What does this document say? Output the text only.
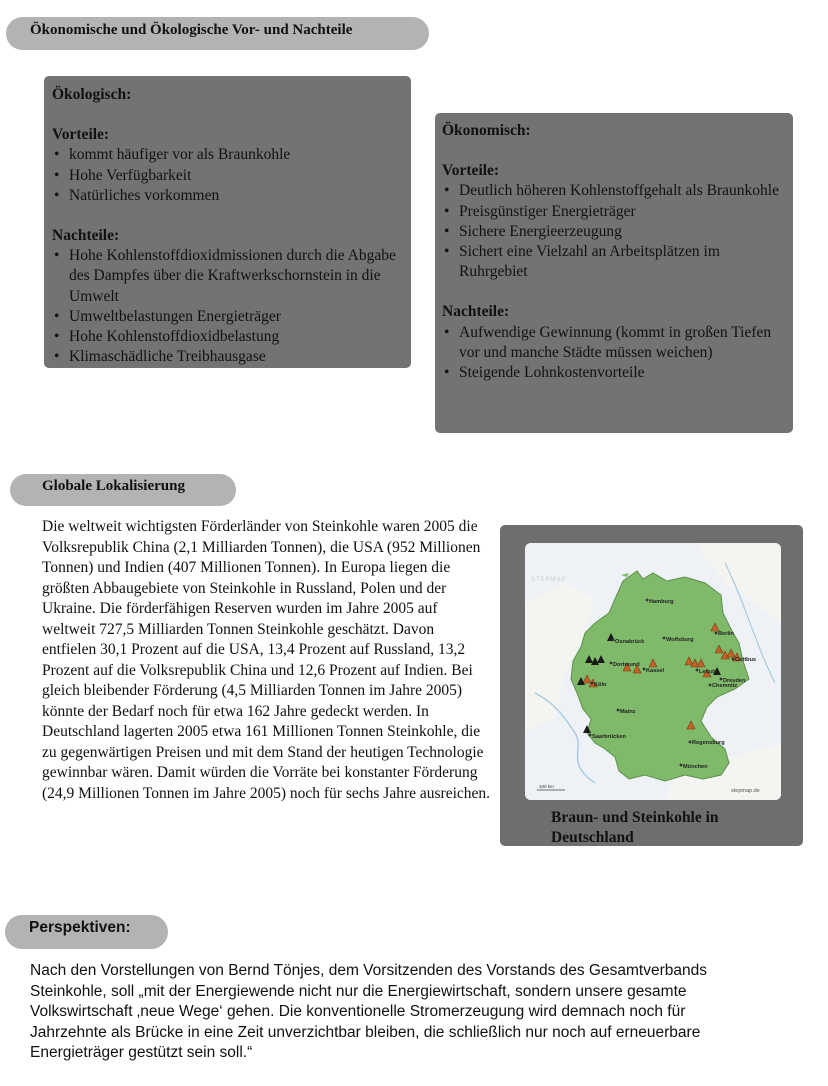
Ökonomische und Ökologische Vor- und Nachteile
Ökologisch:
Vorteile:
• kommt häufiger vor als Braunkohle
• Hohe Verfügbarkeit
• Natürliches vorkommen
Nachteile:
• Hohe Kohlenstoffdioxidmissionen durch die Abgabe des Dampfes über die Kraftwerkschornstein in die Umwelt
• Umweltbelastungen Energieträger
• Hohe Kohlenstoffdioxidbelastung
• Klimaschädliche Treibhausgase
Ökonomisch:
Vorteile:
• Deutlich höheren Kohlenstoffgehalt als Braunkohle
• Preisgünstiger Energieträger
• Sichere Energieerzeugung
• Sichert eine Vielzahl an Arbeitsplätzen im Ruhrgebiet
Nachteile:
• Aufwendige Gewinnung (kommt in großen Tiefen vor und manche Städte müssen weichen)
• Steigende Lohnkostenvorteile
Globale Lokalisierung
Die weltweit wichtigsten Förderländer von Steinkohle waren 2005 die Volksrepublik China (2,1 Milliarden Tonnen), die USA (952 Millionen Tonnen) und Indien (407 Millionen Tonnen). In Europa liegen die größten Abbaugebiete von Steinkohle in Russland, Polen und der Ukraine. Die förderfähigen Reserven wurden im Jahre 2005 auf weltweit 727,5 Milliarden Tonnen Steinkohle geschätzt. Davon entfielen 30,1 Prozent auf die USA, 13,4 Prozent auf Russland, 13,2 Prozent auf die Volksrepublik China und 12,6 Prozent auf Indien. Bei gleich bleibender Förderung (4,5 Milliarden Tonnen im Jahre 2005) könnte der Bedarf noch für etwa 162 Jahre gedeckt werden. In Deutschland lagerten 2005 etwa 161 Millionen Tonnen Steinkohle, die zu gegenwärtigen Preisen und mit dem Stand der heutigen Technologie gewinnbar wären. Damit würden die Vorräte bei konstanter Förderung (24,9 Millionen Tonnen im Jahre 2005) noch für sechs Jahre ausreichen.
Hamburg
Berlin
Osnabrück	Wolfsburg
Dortmund
Cottbus
Kassel	Leipzig
Dresden
Chemnitz
Köln
Mainz
Saarbrücken
Regensburg
München
STEPMAP
100 km
stepmap.de
Braun- und Steinkohle in Deutschland
Perspektiven:
Nach den Vorstellungen von Bernd Tönjes, dem Vorsitzenden des Vorstands des Gesamtverbands Steinkohle, soll „mit der Energiewende nicht nur die Energiewirtschaft, sondern unsere gesamte Volkswirtschaft ‚neue Wege‘ gehen. Die konventionelle Stromerzeugung wird demnach noch für Jahrzehnte als Brücke in eine Zeit unverzichtbar bleiben, die schließlich nur noch auf erneuerbare Energieträger gestützt sein soll.“
